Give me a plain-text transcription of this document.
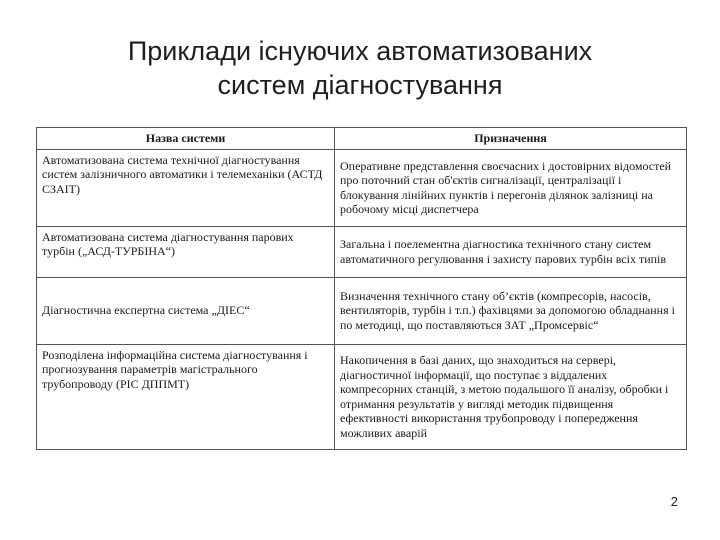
Приклади існуючих автоматизованих
систем діагностування
Назва системи	Призначення
Автоматизована система технічної діагностування систем залізничного автоматики і телемеханіки (АСТД СЗАІТ)	Оперативне представлення своєчасних і достовірних відомостей про поточний стан об'єктів сигналізації, централізації і блокування лінійних пунктів і перегонів ділянок залізниці на робочому місці диспетчера
Автоматизована система діагностування парових турбін („АСД-ТУРБІНА“)	Загальна і поелементна діагностика технічного стану систем автоматичного регулювання і захисту парових турбін всіх типів
Діагностична експертна система „ДІЕС“	Визначення технічного стану об’єктів (компресорів, насосів, вентиляторів, турбін і т.п.) фахівцями за допомогою обладнання і по методиці, що поставляються ЗАТ „Промсервіс“
Розподілена інформаційна система діагностування і прогнозування параметрів магістрального трубопроводу (РІС ДППМТ)	Накопичення в базі даних, що знаходиться на сервері, діагностичної інформації, що поступає з віддалених компресорних станцій, з метою подальшого її аналізу, обробки і отримання результатів у вигляді методик підвищення ефективності використання трубопроводу і попередження можливих аварій
2
